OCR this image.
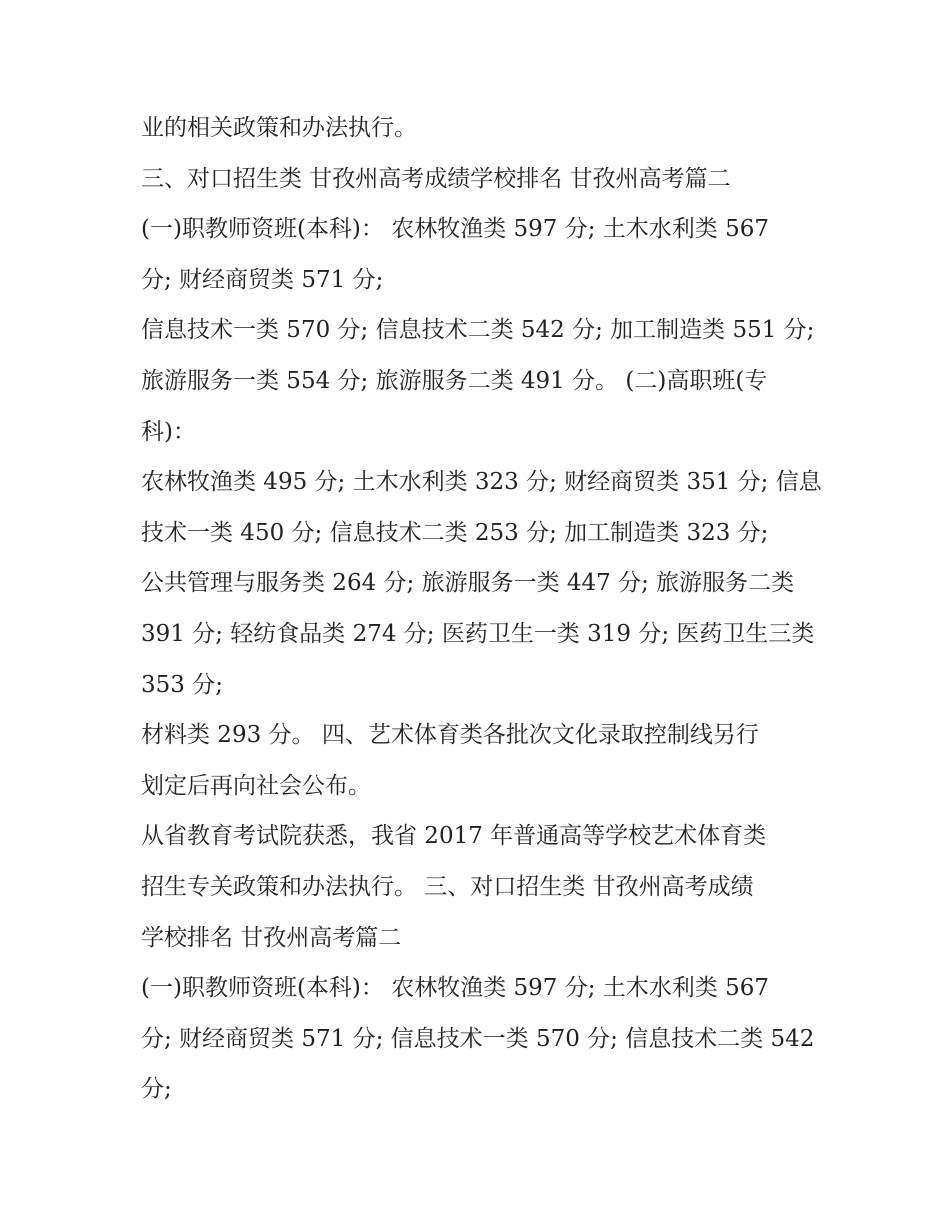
业的相关政策和办法执行。
三、对口招生类 甘孜州高考成绩学校排名 甘孜州高考篇二
(一)职教师资班(本科)： 农林牧渔类 597 分; 土木水利类 567
分; 财经商贸类 571 分;
信息技术一类 570 分; 信息技术二类 542 分; 加工制造类 551 分;
旅游服务一类 554 分; 旅游服务二类 491 分。 (二)高职班(专
科)：
农林牧渔类 495 分; 土木水利类 323 分; 财经商贸类 351 分; 信息
技术一类 450 分; 信息技术二类 253 分; 加工制造类 323 分;
公共管理与服务类 264 分; 旅游服务一类 447 分; 旅游服务二类
391 分; 轻纺食品类 274 分; 医药卫生一类 319 分; 医药卫生三类
353 分;
材料类 293 分。 四、艺术体育类各批次文化录取控制线另行
划定后再向社会公布。
从省教育考试院获悉，我省 2017 年普通高等学校艺术体育类
招生专关政策和办法执行。 三、对口招生类 甘孜州高考成绩
学校排名 甘孜州高考篇二
(一)职教师资班(本科)： 农林牧渔类 597 分; 土木水利类 567
分; 财经商贸类 571 分; 信息技术一类 570 分; 信息技术二类 542
分;
